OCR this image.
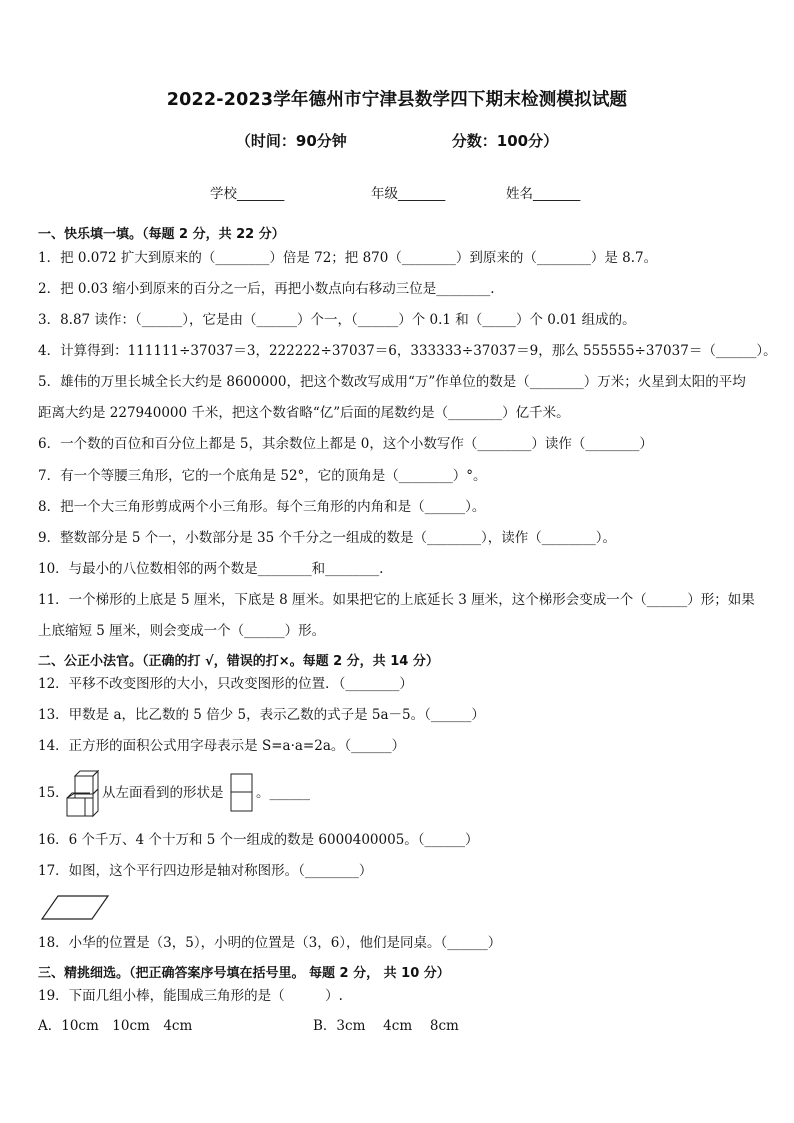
2022-2023学年德州市宁津县数学四下期末检测模拟试题
（时间：90分钟	分数：100分）
学校_______	年级_______	姓名_______
一、快乐填一填。（每题 2 分，共 22 分）
1．把 0.072 扩大到原来的（________）倍是 72；把 870（________）到原来的（________）是 8.7。
2．把 0.03 缩小到原来的百分之一后，再把小数点向右移动三位是________.
3．8.87 读作：（______），它是由（______）个一，（______）个 0.1 和（_____）个 0.01 组成的。
4．计算得到：111111÷37037＝3，222222÷37037＝6，333333÷37037＝9，那么 555555÷37037＝（______）。
5．雄伟的万里长城全长大约是 8600000，把这个数改写成用“万”作单位的数是（________）万米；火星到太阳的平均距离大约是 227940000 千米，把这个数省略“亿”后面的尾数约是（________）亿千米。
6．一个数的百位和百分位上都是 5，其余数位上都是 0，这个小数写作（________）读作（________）
7．有一个等腰三角形，它的一个底角是 52°，它的顶角是（________）°。
8．把一个大三角形剪成两个小三角形。每个三角形的内角和是（______）。
9．整数部分是 5 个一，小数部分是 35 个千分之一组成的数是（________），读作（________）。
10．与最小的八位数相邻的两个数是________和________.
11．一个梯形的上底是 5 厘米，下底是 8 厘米。如果把它的上底延长 3 厘米，这个梯形会变成一个（______）形；如果上底缩短 5 厘米，则会变成一个（______）形。
二、公正小法官。（正确的打 √，错误的打×。每题 2 分，共 14 分）
12．平移不改变图形的大小，只改变图形的位置．（________）
13．甲数是 a，比乙数的 5 倍少 5，表示乙数的式子是 5a－5。（______）
14．正方形的面积公式用字母表示是 S=a·a=2a。（______）
15．	从左面看到的形状是	。______
16．6 个千万、4 个十万和 5 个一组成的数是 6000400005。（______）
17．如图，这个平行四边形是轴对称图形。（________）
18．小华的位置是（3，5），小明的位置是（3，6），他们是同桌。（______）
三、精挑细选。（把正确答案序号填在括号里。 每题 2 分， 共 10 分）
19．下面几组小棒，能围成三角形的是（　　　）.
A．10cm　10cm　4cm	B．3cm　 4cm　 8cm
